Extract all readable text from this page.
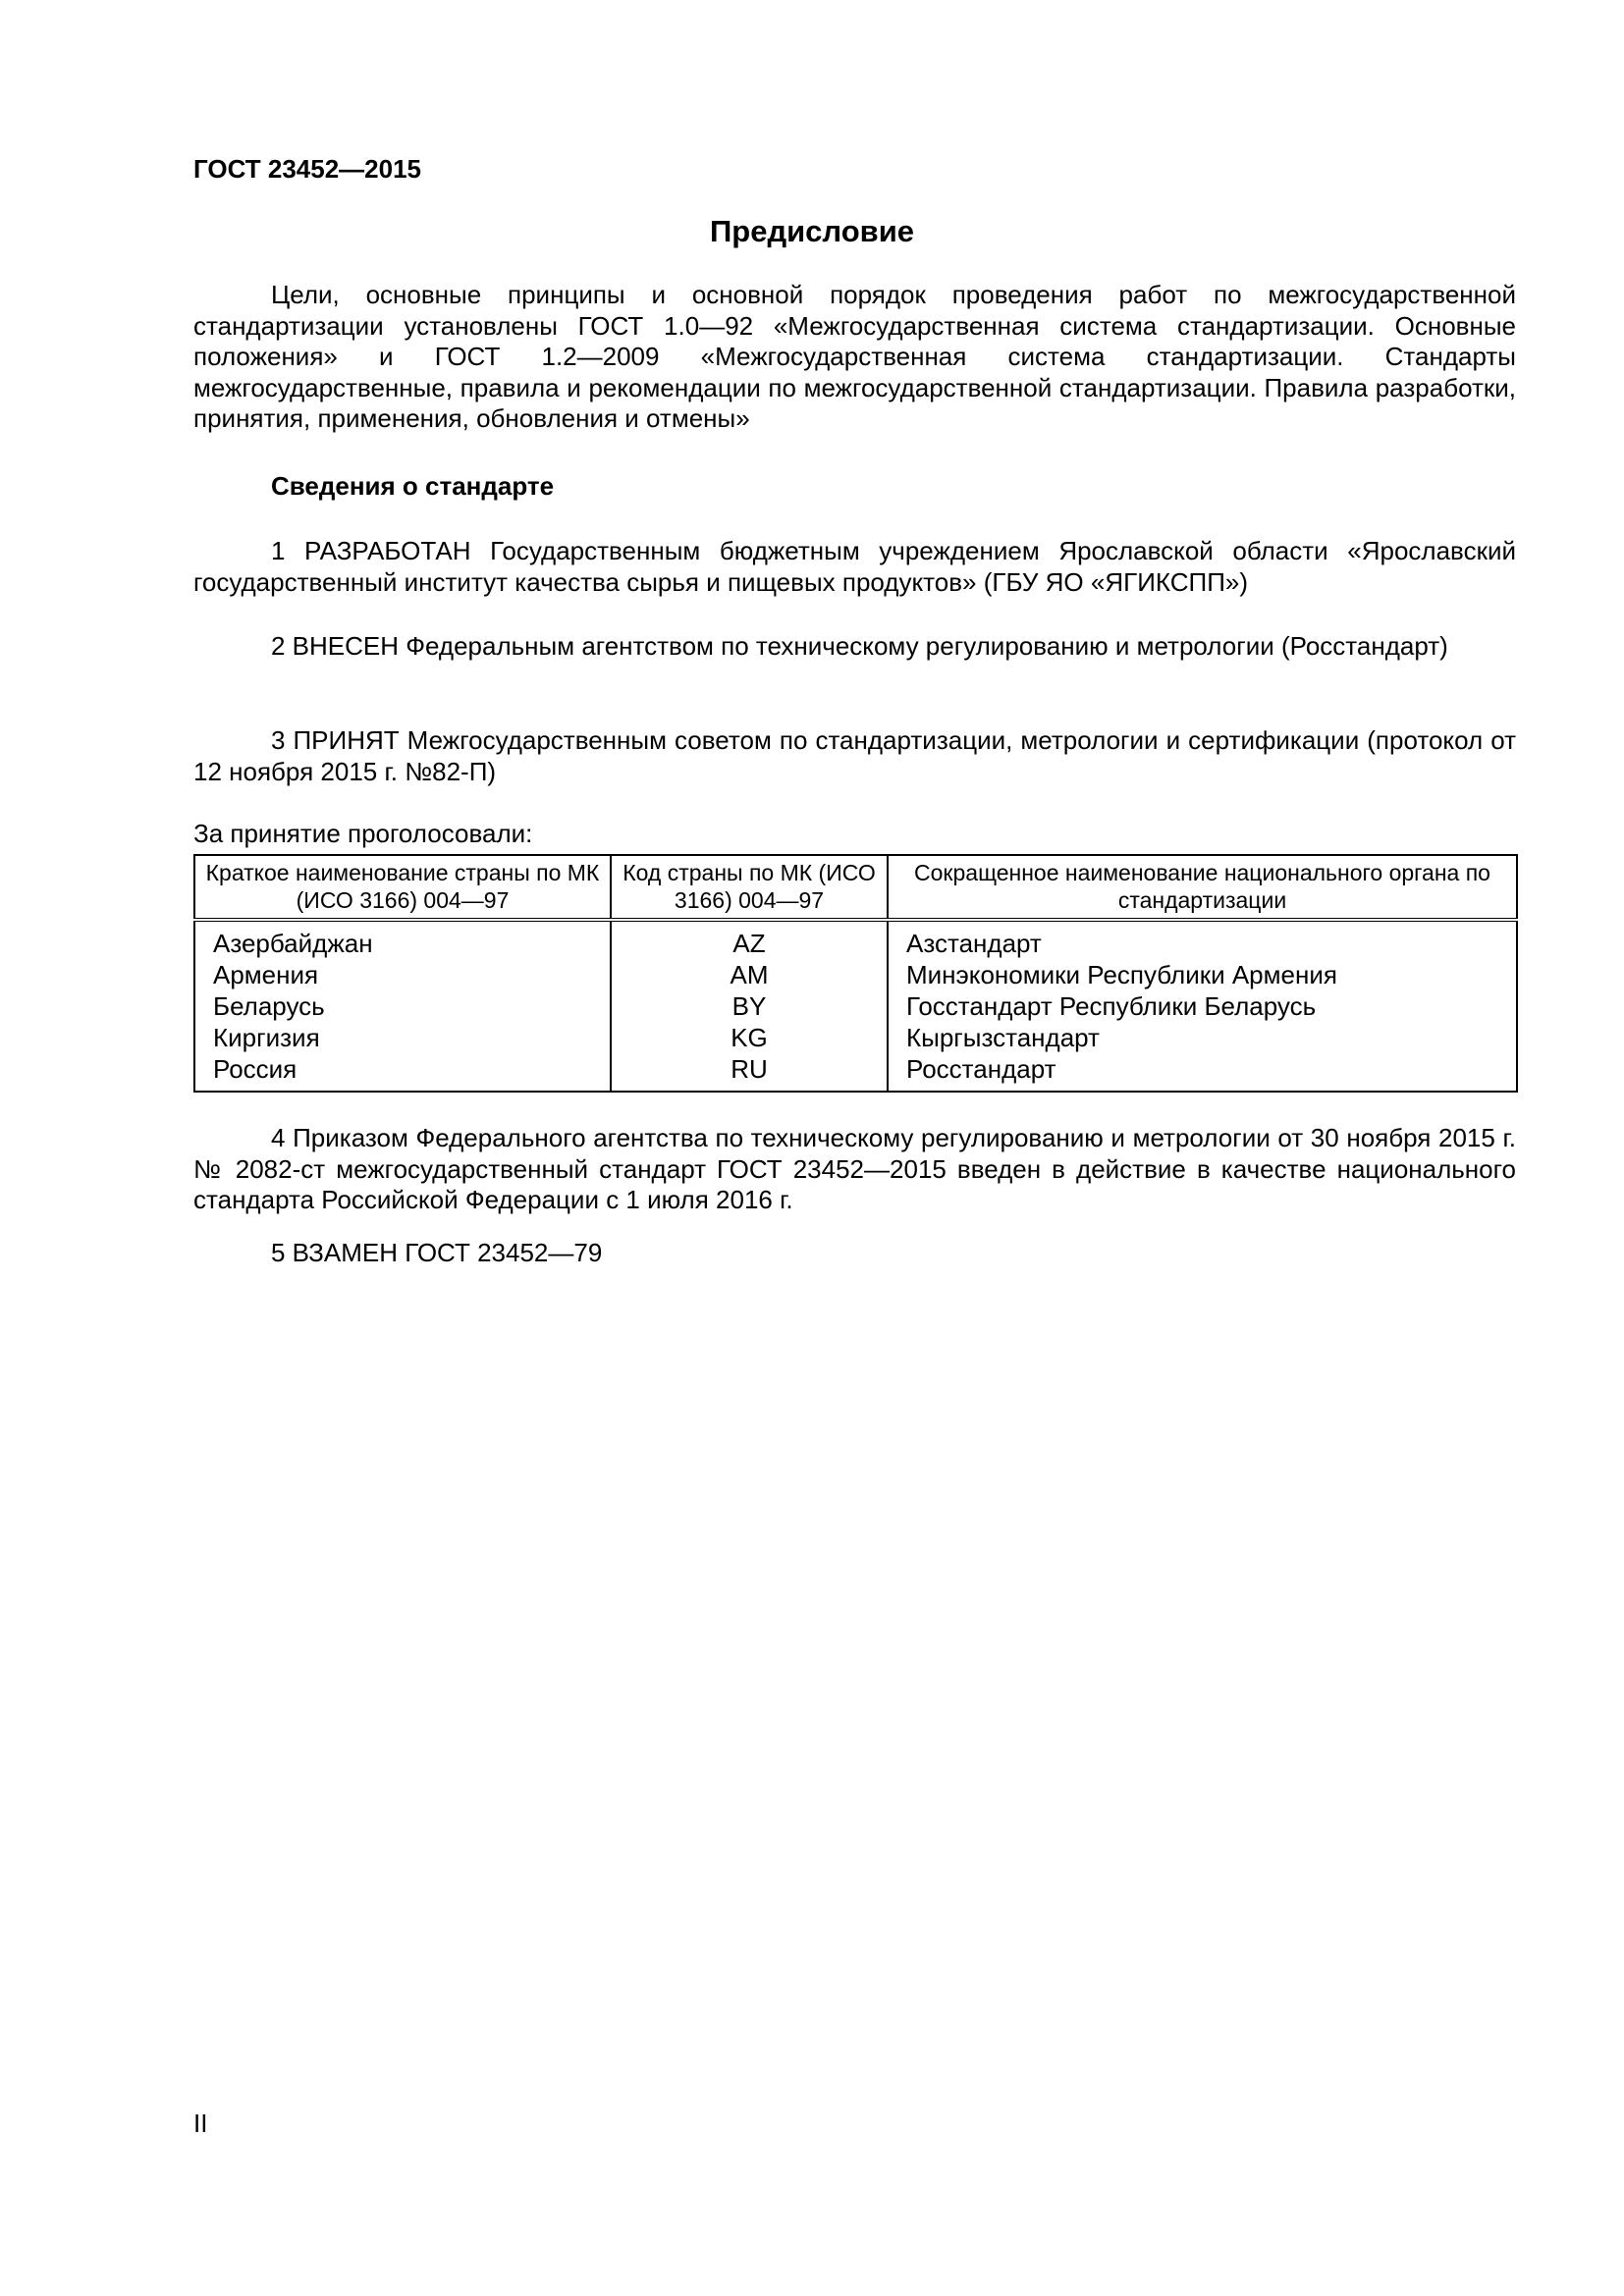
ГОСТ 23452—2015
Предисловие

Цели, основные принципы и основной порядок проведения работ по межгосударственной стандартизации установлены ГОСТ 1.0—92 «Межгосударственная система стандартизации. Основные положения» и ГОСТ 1.2—2009 «Межгосударственная система стандартизации. Стандарты межгосударственные, правила и рекомендации по межгосударственной стандартизации. Правила разработки, принятия, применения, обновления и отмены»

Сведения о стандарте

1 РАЗРАБОТАН Государственным бюджетным учреждением Ярославской области «Ярославский государственный институт качества сырья и пищевых продуктов» (ГБУ ЯО «ЯГИКСПП»)

2 ВНЕСЕН Федеральным агентством по техническому регулированию и метрологии (Росстандарт)

3 ПРИНЯТ Межгосударственным советом по стандартизации, метрологии и сертификации (протокол от 12 ноября 2015 г. №82-П)

За принятие проголосовали:
Краткое наименование страны по МК (ИСО 3166) 004—97	Код страны по МК (ИСО 3166) 004—97	Сокращенное наименование национального органа по стандартизации
Азербайджан	AZ	Азстандарт
Армения	AM	Минэкономики Республики Армения
Беларусь	BY	Госстандарт Республики Беларусь
Киргизия	KG	Кыргызстандарт
Россия	RU	Росстандарт

4 Приказом Федерального агентства по техническому регулированию и метрологии от 30 ноября 2015 г. № 2082-ст межгосударственный стандарт ГОСТ 23452—2015 введен в действие в качестве национального стандарта Российской Федерации с 1 июля 2016 г.

5 ВЗАМЕН ГОСТ 23452—79

II
